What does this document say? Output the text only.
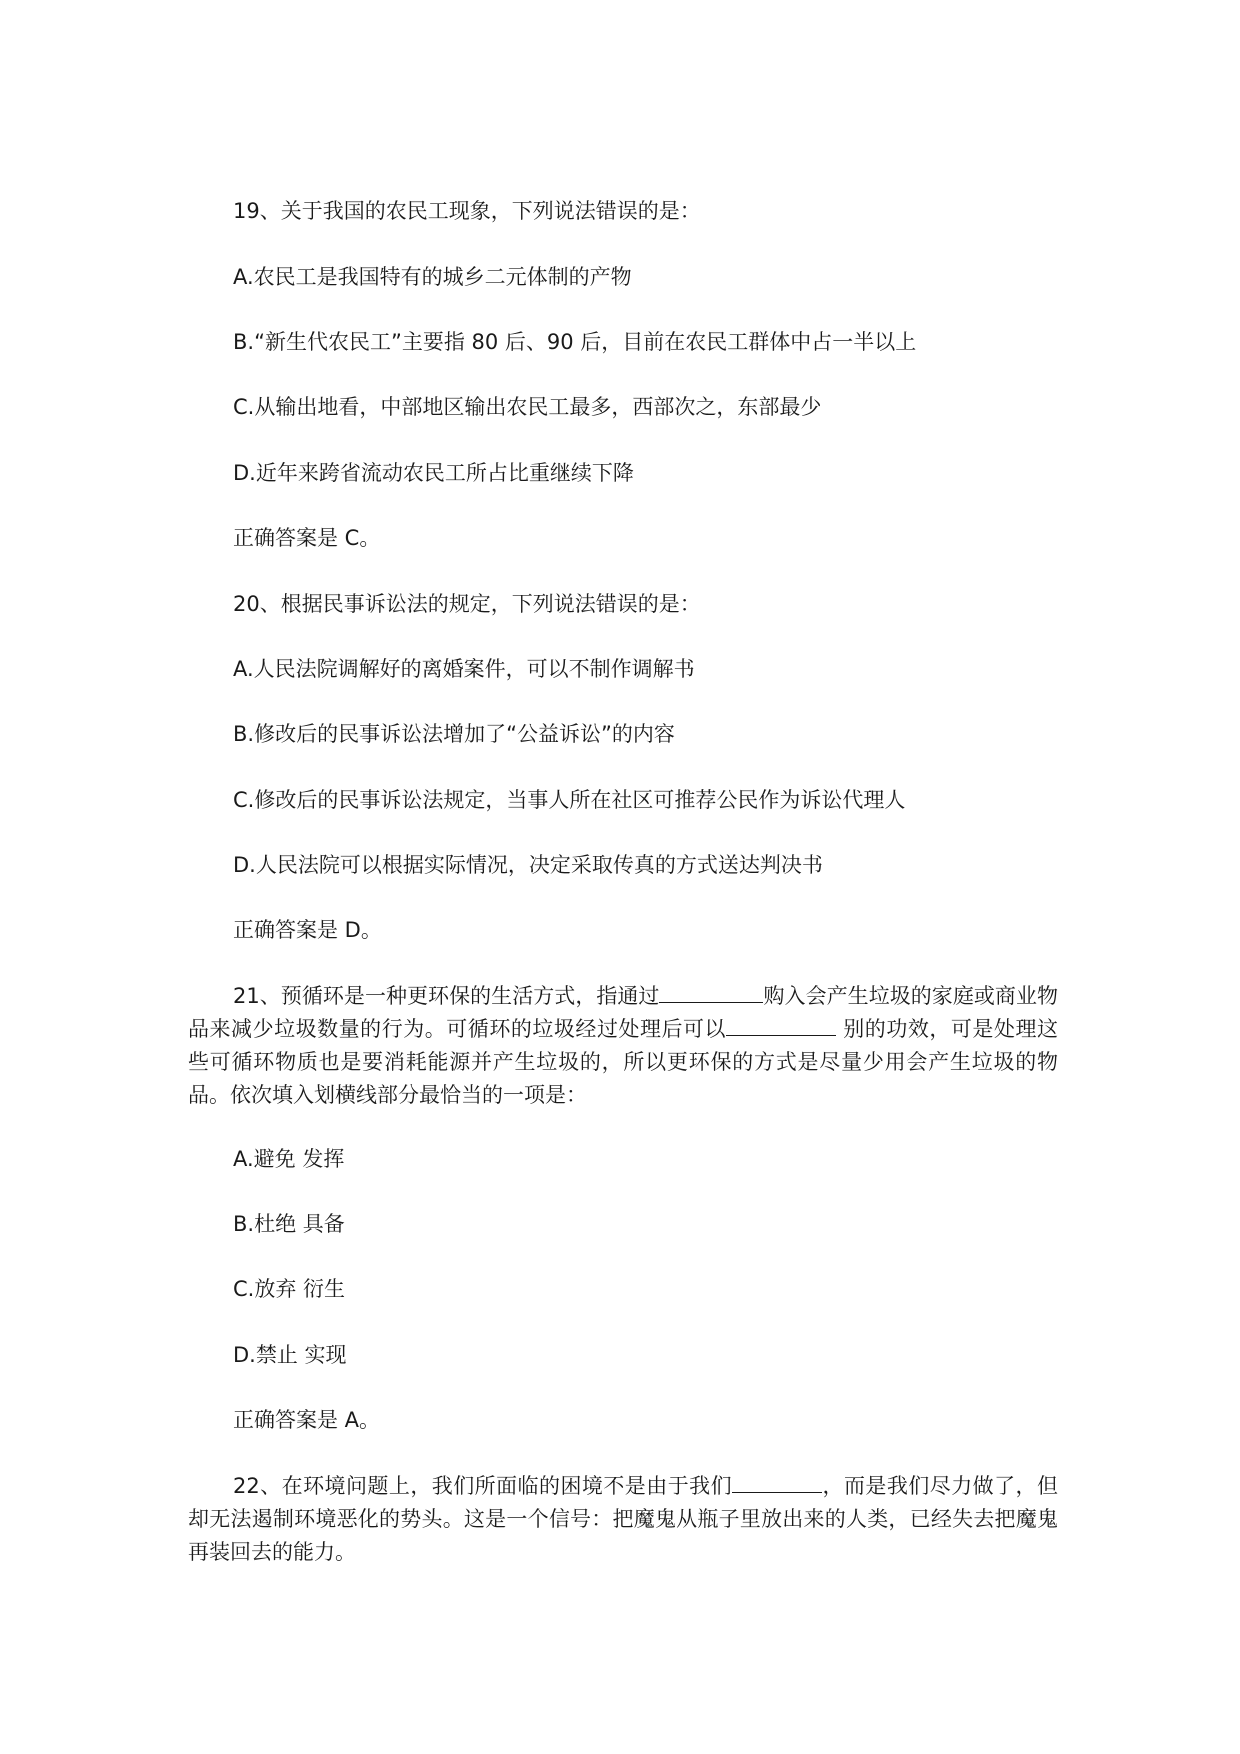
19、关于我国的农民工现象，下列说法错误的是：

A.农民工是我国特有的城乡二元体制的产物

B.“新生代农民工”主要指 80 后、90 后，目前在农民工群体中占一半以上

C.从输出地看，中部地区输出农民工最多，西部次之，东部最少

D.近年来跨省流动农民工所占比重继续下降

正确答案是 C。

20、根据民事诉讼法的规定，下列说法错误的是：

A.人民法院调解好的离婚案件，可以不制作调解书

B.修改后的民事诉讼法增加了“公益诉讼”的内容

C.修改后的民事诉讼法规定，当事人所在社区可推荐公民作为诉讼代理人

D.人民法院可以根据实际情况，决定采取传真的方式送达判决书

正确答案是 D。

21、预循环是一种更环保的生活方式，指通过	购入会产生垃圾的家庭或商业物品来减少垃圾数量的行为。可循环的垃圾经过处理后可以	别的功效，可是处理这些可循环物质也是要消耗能源并产生垃圾的，所以更环保的方式是尽量少用会产生垃圾的物品。依次填入划横线部分最恰当的一项是：

A.避免 发挥

B.杜绝 具备

C.放弃 衍生

D.禁止 实现

正确答案是 A。

22、在环境问题上，我们所面临的困境不是由于我们	，而是我们尽力做了，但却无法遏制环境恶化的势头。这是一个信号：把魔鬼从瓶子里放出来的人类，已经失去把魔鬼再装回去的能力。
